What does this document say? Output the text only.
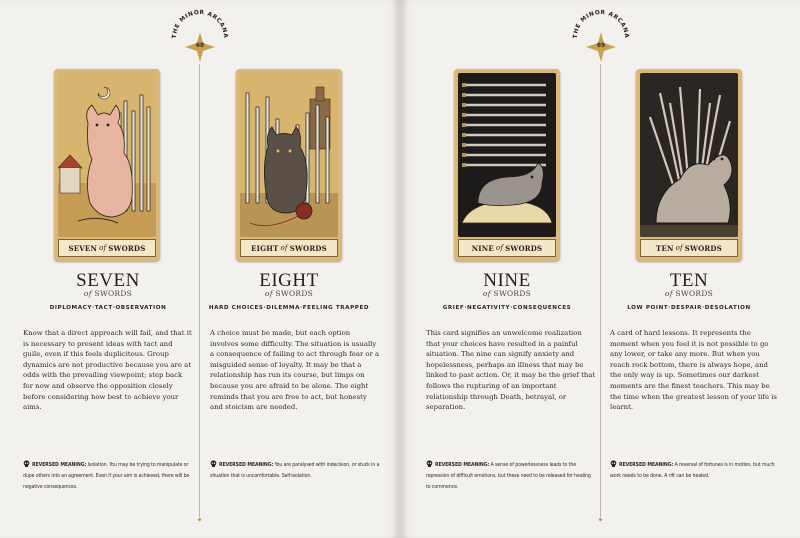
THE MINOR ARCANA
68
SEVEN of SWORDS
SEVEN
of SWORDS
DIPLOMACY·TACT·OBSERVATION
Know that a direct approach will fail, and that it is necessary to present ideas with tact and guile, even if this feels duplicitous. Group dynamics are not productive because you are at odds with the prevailing viewpoint; step back for now and observe the opposition closely before considering how best to achieve your aims.
REVERSED MEANING: Isolation. You may be trying to manipulate or dupe others into an agreement. Even if your aim is achieved, there will be negative consequences.
EIGHT of SWORDS
EIGHT
of SWORDS
HARD CHOICES·DILEMMA·FEELING TRAPPED
A choice must be made, but each option involves some difficulty. The situation is usually a consequence of failing to act through fear or a misguided sense of loyalty. It may be that a relationship has run its course, but limps on because you are afraid to be alone. The eight reminds that you are free to act, but honesty and stoicism are needed.
REVERSED MEANING: You are paralysed with indecision, or stuck in a situation that is uncomfortable. Self-isolation.
THE MINOR ARCANA
69
NINE of SWORDS
NINE
of SWORDS
GRIEF·NEGATIVITY·CONSEQUENCES
This card signifies an unwelcome realization that your choices have resulted in a painful situation. The nine can signify anxiety and hopelessness, perhaps an illness that may be linked to past action. Or, it may be the grief that follows the rupturing of an important relationship through Death, betrayal, or separation.
REVERSED MEANING: A sense of powerlessness leads to the repression of difficult emotions, but these need to be released for healing to commence.
TEN of SWORDS
TEN
of SWORDS
LOW POINT·DESPAIR·DESOLATION
A card of hard lessons. It represents the moment when you feel it is not possible to go any lower, or take any more. But when you reach rock bottom, there is always hope, and the only way is up. Sometimes our darkest moments are the finest teachers. This may be the time when the greatest lesson of your life is learnt.
REVERSED MEANING: A reversal of fortunes is in motion, but much work needs to be done. A rift can be healed.
